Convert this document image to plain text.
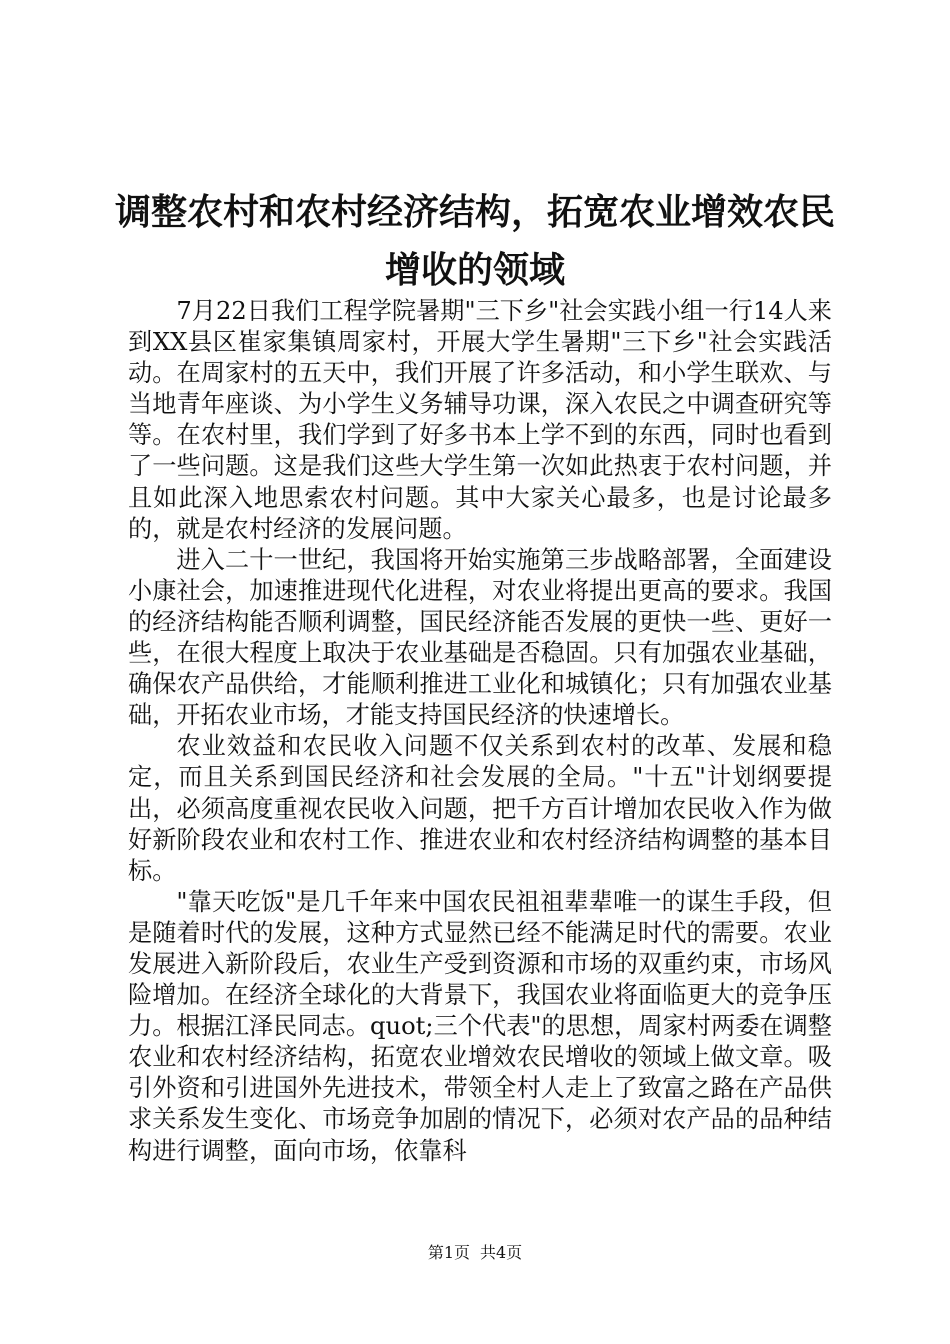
调整农村和农村经济结构，拓宽农业增效农民增收的领域

7月22日我们工程学院暑期"三下乡"社会实践小组一行14人来到XX县区崔家集镇周家村，开展大学生暑期"三下乡"社会实践活动。在周家村的五天中，我们开展了许多活动，和小学生联欢、与当地青年座谈、为小学生义务辅导功课，深入农民之中调查研究等等。在农村里，我们学到了好多书本上学不到的东西，同时也看到了一些问题。这是我们这些大学生第一次如此热衷于农村问题，并且如此深入地思索农村问题。其中大家关心最多，也是讨论最多的，就是农村经济的发展问题。

进入二十一世纪，我国将开始实施第三步战略部署，全面建设小康社会，加速推进现代化进程，对农业将提出更高的要求。我国的经济结构能否顺利调整，国民经济能否发展的更快一些、更好一些，在很大程度上取决于农业基础是否稳固。只有加强农业基础，确保农产品供给，才能顺利推进工业化和城镇化；只有加强农业基础，开拓农业市场，才能支持国民经济的快速增长。

农业效益和农民收入问题不仅关系到农村的改革、发展和稳定，而且关系到国民经济和社会发展的全局。"十五"计划纲要提出，必须高度重视农民收入问题，把千方百计增加农民收入作为做好新阶段农业和农村工作、推进农业和农村经济结构调整的基本目标。

"靠天吃饭"是几千年来中国农民祖祖辈辈唯一的谋生手段，但是随着时代的发展，这种方式显然已经不能满足时代的需要。农业发展进入新阶段后，农业生产受到资源和市场的双重约束，市场风险增加。在经济全球化的大背景下，我国农业将面临更大的竞争压力。根据江泽民同志。quot;三个代表"的思想，周家村两委在调整农业和农村经济结构，拓宽农业增效农民增收的领域上做文章。吸引外资和引进国外先进技术，带领全村人走上了致富之路在产品供求关系发生变化、市场竞争加剧的情况下，必须对农产品的品种结构进行调整，面向市场，依靠科

第1页 共4页
